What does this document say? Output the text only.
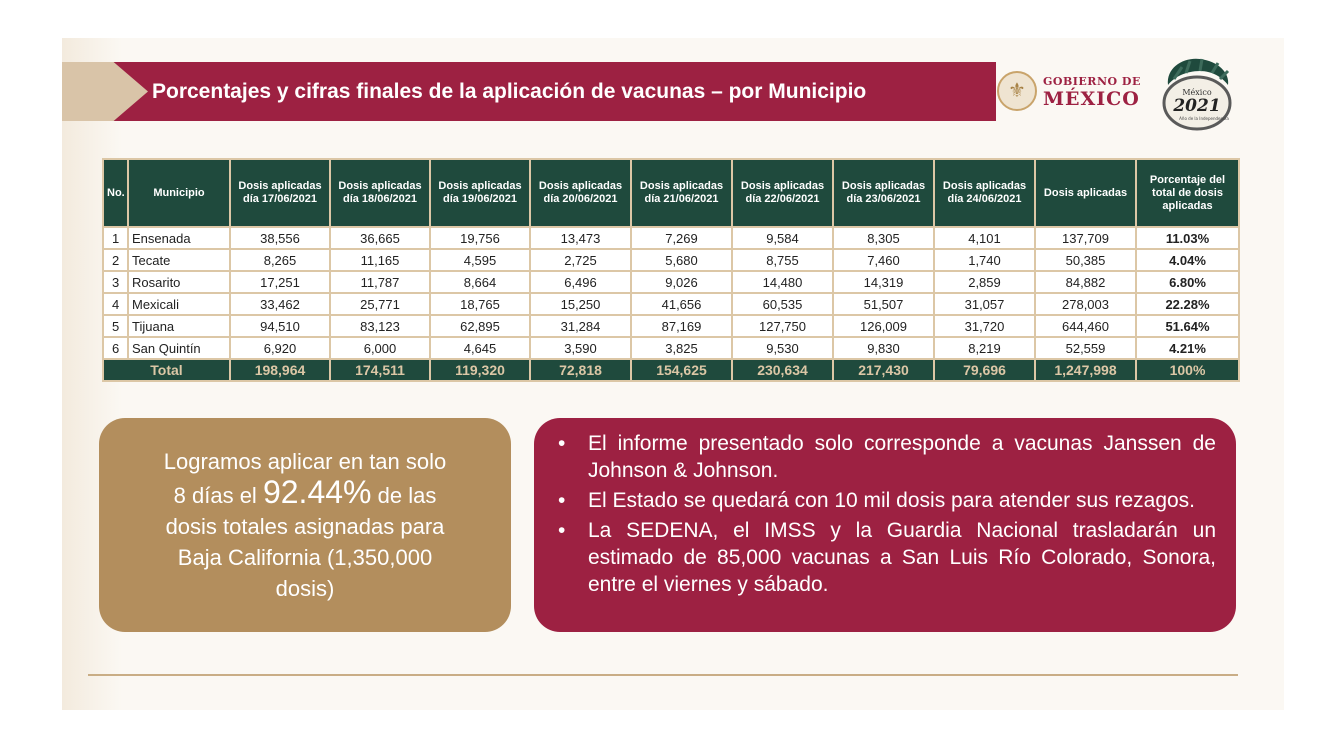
Porcentajes y cifras finales de la aplicación de vacunas – por Municipio	⚜	GOBIERNO DE
MÉXICO	México
2021
Año de la Independencia
No.	Municipio	Dosis aplicadas día 17/06/2021	Dosis aplicadas día 18/06/2021	Dosis aplicadas día 19/06/2021	Dosis aplicadas día 20/06/2021	Dosis aplicadas día 21/06/2021	Dosis aplicadas día 22/06/2021	Dosis aplicadas día 23/06/2021	Dosis aplicadas día 24/06/2021	Dosis aplicadas	Porcentaje del total de dosis aplicadas
1	Ensenada	38,556	36,665	19,756	13,473	7,269	9,584	8,305	4,101	137,709	11.03%
2	Tecate	8,265	11,165	4,595	2,725	5,680	8,755	7,460	1,740	50,385	4.04%
3	Rosarito	17,251	11,787	8,664	6,496	9,026	14,480	14,319	2,859	84,882	6.80%
4	Mexicali	33,462	25,771	18,765	15,250	41,656	60,535	51,507	31,057	278,003	22.28%
5	Tijuana	94,510	83,123	62,895	31,284	87,169	127,750	126,009	31,720	644,460	51.64%
6	San Quintín	6,920	6,000	4,645	3,590	3,825	9,530	9,830	8,219	52,559	4.21%
Total		198,964	174,511	119,320	72,818	154,625	230,634	217,430	79,696	1,247,998	100%
Logramos aplicar en tan solo
8 días el 92.44% de las
dosis totales asignadas para
Baja California (1,350,000
dosis)
• El informe presentado solo corresponde a vacunas Janssen de Johnson & Johnson.
• El Estado se quedará con 10 mil dosis para atender sus rezagos.
• La SEDENA, el IMSS y la Guardia Nacional trasladarán un estimado de 85,000 vacunas a San Luis Río Colorado, Sonora, entre el viernes y sábado.
